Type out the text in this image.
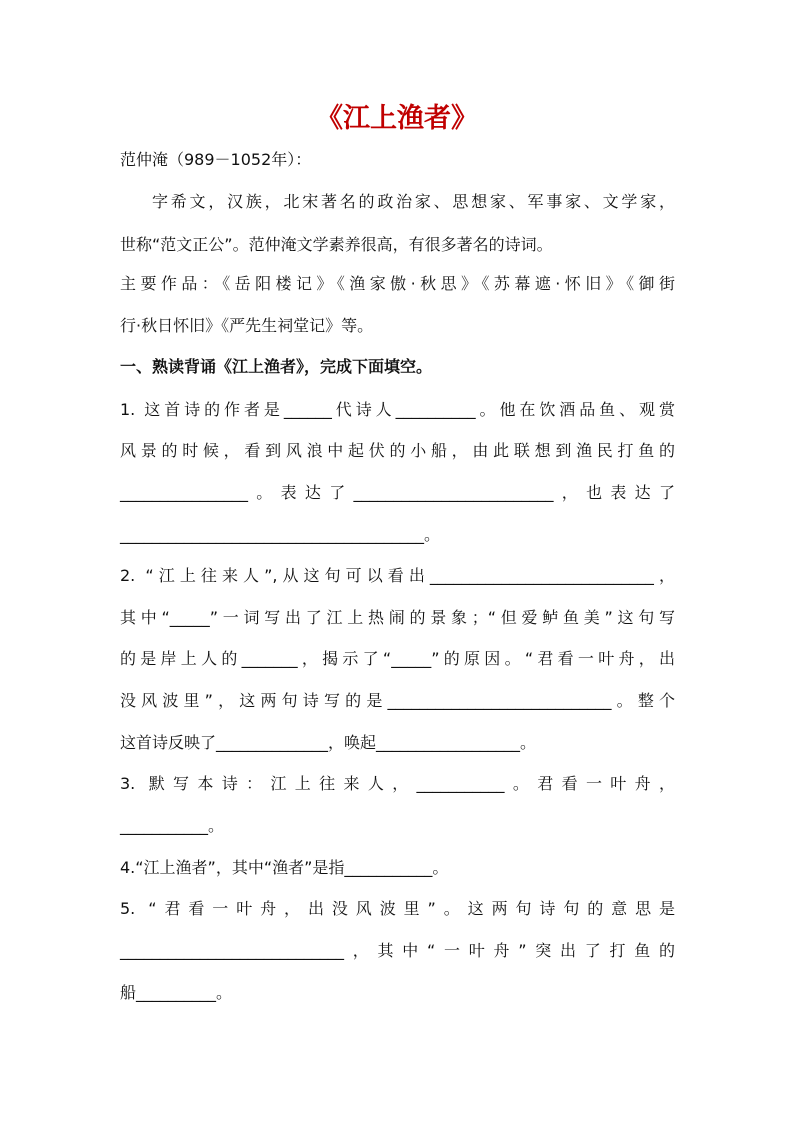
《江上渔者》
范仲淹（989－1052年）：
字希文，汉族，北宋著名的政治家、思想家、军事家、文学家，
世称“范文正公”。范仲淹文学素养很高，有很多著名的诗词。
主要作品：《岳阳楼记》《渔家傲·秋思》《苏幕遮·怀旧》《御街
行·秋日怀旧》《严先生祠堂记》等。
一、熟读背诵《江上渔者》，完成下面填空。
1. 这首诗的作者是______代诗人__________。他在饮酒品鱼、观赏
风景的时候，看到风浪中起伏的小船，由此联想到渔民打鱼的
________________。表达了_________________________，也表达了
______________________________________。
2. “江上往来人”,从这句可以看出____________________________，
其中“_____”一词写出了江上热闹的景象；“但爱鲈鱼美”这句写
的是岸上人的_______，揭示了“_____”的原因。“君看一叶舟，出
没风波里”，这两句诗写的是____________________________。整个
这首诗反映了______________，唤起__________________。
3. 默写本诗：江上往来人，___________。君看一叶舟，
___________。
4.“江上渔者”，其中“渔者”是指___________。
5. “君看一叶舟，出没风波里”。这两句诗句的意思是
____________________________，其中“一叶舟”突出了打鱼的
船__________。
